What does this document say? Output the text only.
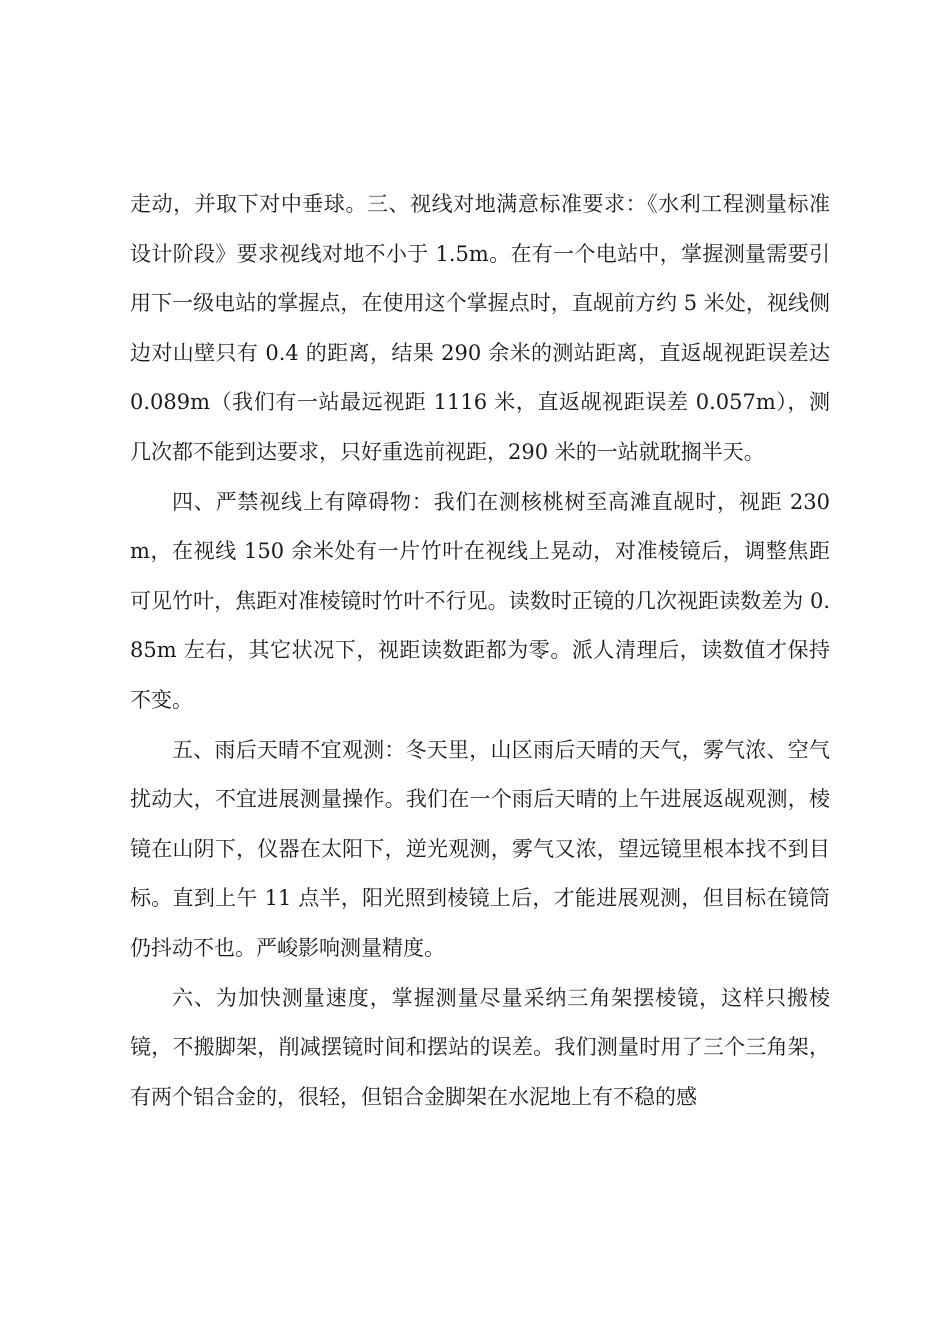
走动，并取下对中垂球。三、视线对地满意标准要求：《水利工程测量标准设计阶段》要求视线对地不小于 1.5m。在有一个电站中，掌握测量需要引用下一级电站的掌握点，在使用这个掌握点时，直觇前方约 5 米处，视线侧边对山壁只有 0.4 的距离，结果 290 余米的测站距离，直返觇视距误差达 0.089m（我们有一站最远视距 1116 米，直返觇视距误差 0.057m），测几次都不能到达要求，只好重选前视距，290 米的一站就耽搁半天。

四、严禁视线上有障碍物：我们在测核桃树至高滩直觇时，视距 230m，在视线 150 余米处有一片竹叶在视线上晃动，对准棱镜后，调整焦距可见竹叶，焦距对准棱镜时竹叶不行见。读数时正镜的几次视距读数差为 0.85m 左右，其它状况下，视距读数距都为零。派人清理后，读数值才保持不变。

五、雨后天晴不宜观测：冬天里，山区雨后天晴的天气，雾气浓、空气扰动大，不宜进展测量操作。我们在一个雨后天晴的上午进展返觇观测，棱镜在山阴下，仪器在太阳下，逆光观测，雾气又浓，望远镜里根本找不到目标。直到上午 11 点半，阳光照到棱镜上后，才能进展观测，但目标在镜筒仍抖动不也。严峻影响测量精度。

六、为加快测量速度，掌握测量尽量采纳三角架摆棱镜，这样只搬棱镜，不搬脚架，削减摆镜时间和摆站的误差。我们测量时用了三个三角架，有两个铝合金的，很轻，但铝合金脚架在水泥地上有不稳的感
